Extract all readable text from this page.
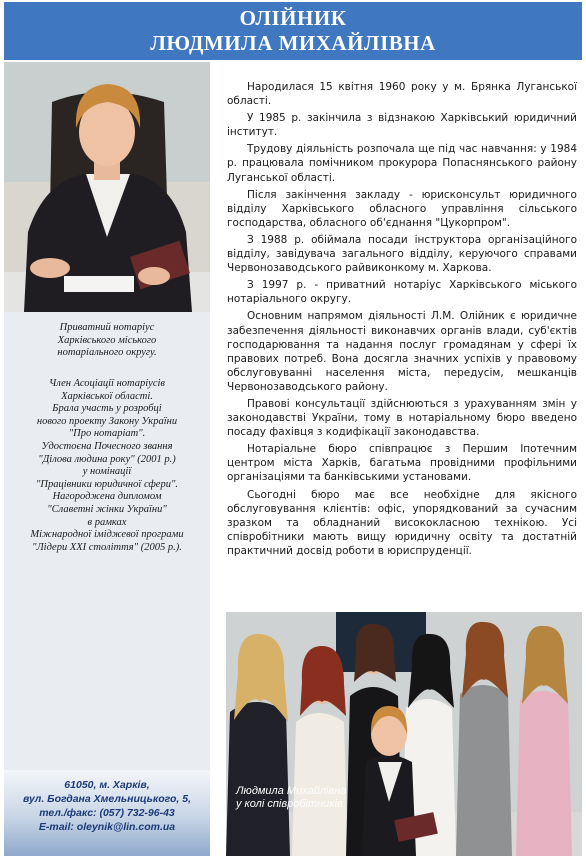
ОЛІЙНИК
ЛЮДМИЛА МИХАЙЛІВНА
Приватний нотаріус
Харківського міського
нотаріального округу.
Член Асоціації нотаріусів
Харківської області.
Брала участь у розробці
нового проекту Закону України
"Про нотаріат".
Удостоєна Почесного звання
"Ділова людина року" (2001 р.)
у номінації
"Працівники юридичної сфери".
Нагороджена дипломом
"Славетні жінки України"
в рамках
Міжнародної іміджевої програми
"Лідери XXI століття" (2005 р.).
61050, м. Харків,
вул. Богдана Хмельницького, 5,
тел./факс: (057) 732-96-43
E-mail: oleynik@lin.com.ua

Народилася 15 квітня 1960 року у м. Брянка Луганської області.

У 1985 р. закінчила з відзнакою Харківський юридичний інститут.

Трудову діяльність розпочала ще під час навчання: у 1984 р. працювала помічником прокурора Попаснянського району Луганської області.

Після закінчення закладу - юрисконсульт юридичного відділу Харківського обласного управління сільського господарства, обласного об'єднання "Цукорпром".

З 1988 р. обіймала посади інструктора організаційного відділу, завідувача загального відділу, керуючого справами Червонозаводського райвиконкому м. Харкова.

З 1997 р. - приватний нотаріус Харківського міського нотаріального округу.

Основним напрямом діяльності Л.М. Олійник є юридичне забезпечення діяльності виконавчих органів влади, суб'єктів господарювання та надання послуг громадянам у сфері їх правових потреб. Вона досягла значних успіхів у правовому обслуговуванні населення міста, передусім, мешканців Червонозаводського району.

Правові консультації здійснюються з урахуванням змін у законодавстві України, тому в нотаріальному бюро введено посаду фахівця з кодифікації законодавства.

Нотаріальне бюро співпрацює з Першим Іпотечним центром міста Харків, багатьма провідними профільними організаціями та банківськими установами.

Сьогодні бюро має все необхідне для якісного обслуговування клієнтів: офіс, упорядкований за сучасним зразком та обладнаний висококласною технікою. Усі співробітники мають вищу юридичну освіту та достатній практичний досвід роботи в юриспруденції.

Людмила Михайлівна
у колі співробітників
